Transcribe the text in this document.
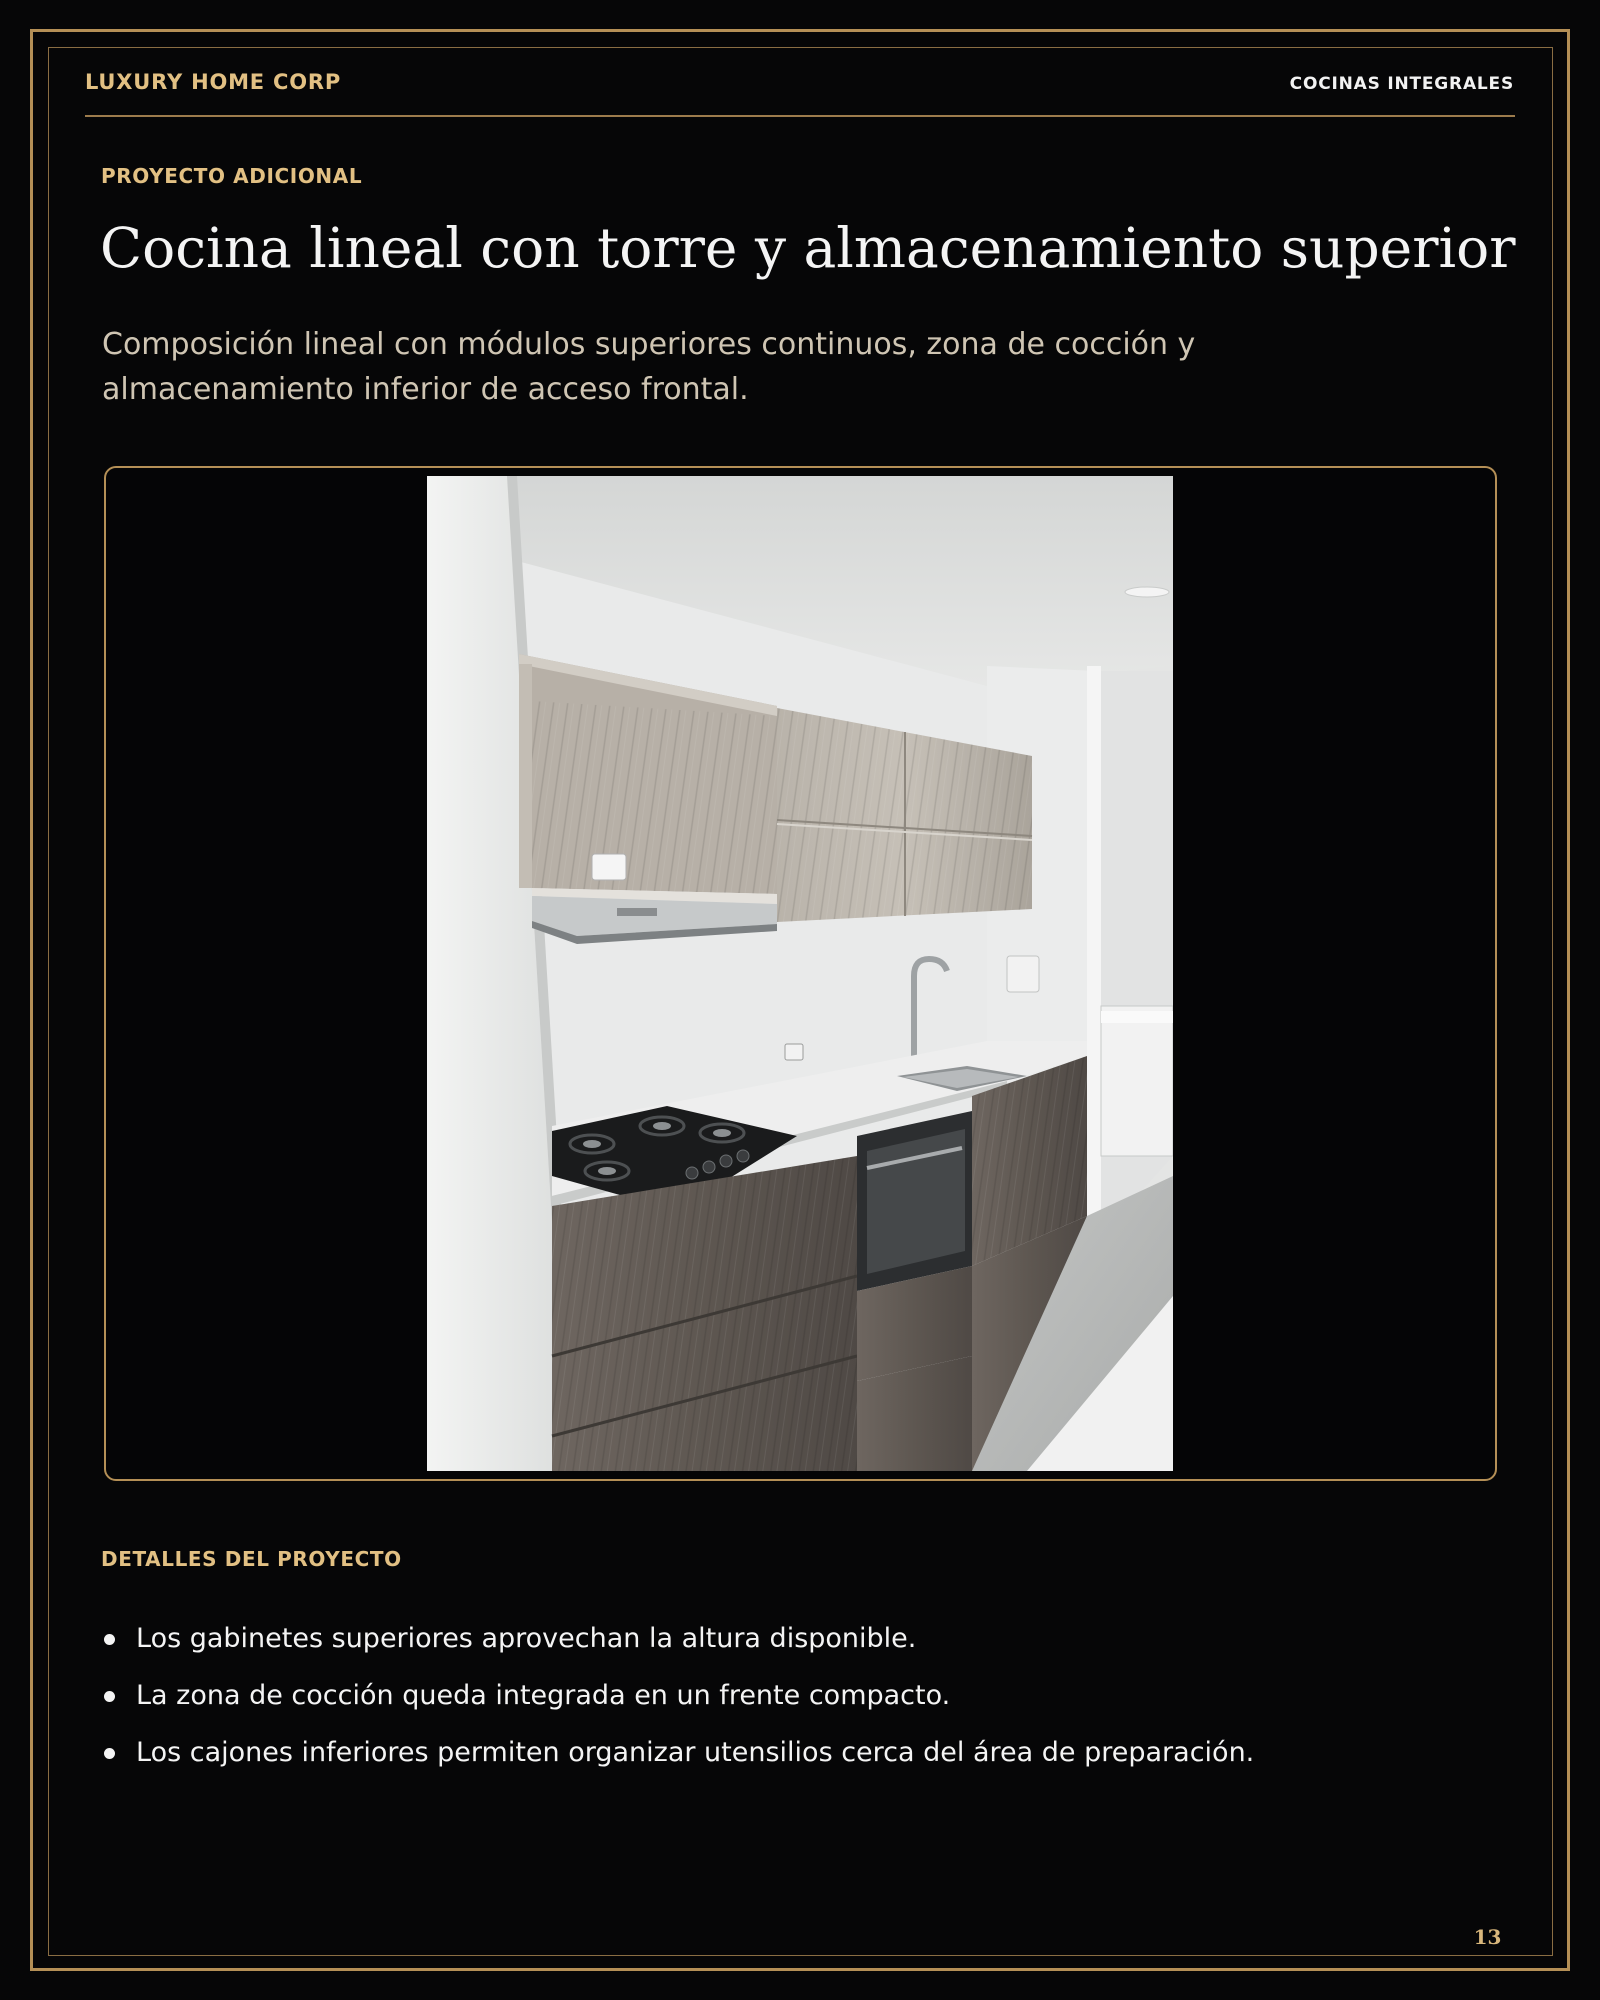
LUXURY HOME CORP	COCINAS INTEGRALES
PROYECTO ADICIONAL
Cocina lineal con torre y almacenamiento superior

Composición lineal con módulos superiores continuos, zona de cocción y almacenamiento inferior de acceso frontal.

DETALLES DEL PROYECTO
Los gabinetes superiores aprovechan la altura disponible.
La zona de cocción queda integrada en un frente compacto.
Los cajones inferiores permiten organizar utensilios cerca del área de preparación.
13
